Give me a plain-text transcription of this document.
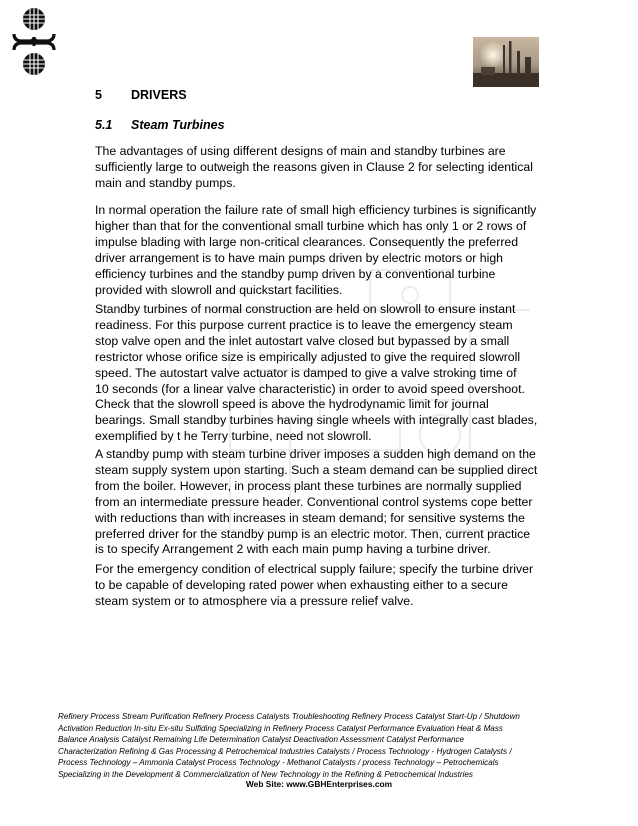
5 DRIVERS
5.1 Steam Turbines
The advantages of using different designs of main and standby turbines are
sufficiently large to outweigh the reasons given in Clause 2 for selecting identical
main and standby pumps.
In normal operation the failure rate of small high efficiency turbines is significantly
higher than that for the conventional small turbine which has only 1 or 2 rows of
impulse blading with large non-critical clearances. Consequently the preferred
driver arrangement is to have main pumps driven by electric motors or high
efficiency turbines and the standby pump driven by a conventional turbine
provided with slowroll and quickstart facilities.
Standby turbines of normal construction are held on slowroll to ensure instant
readiness. For this purpose current practice is to leave the emergency steam
stop valve open and the inlet autostart valve closed but bypassed by a small
restrictor whose orifice size is empirically adjusted to give the required slowroll
speed. The autostart valve actuator is damped to give a valve stroking time of
10 seconds (for a linear valve characteristic) in order to avoid speed overshoot.
Check that the slowroll speed is above the hydrodynamic limit for journal
bearings. Small standby turbines having single wheels with integrally cast blades,
exemplified by t he Terry turbine, need not slowroll.
A standby pump with steam turbine driver imposes a sudden high demand on the
steam supply system upon starting. Such a steam demand can be supplied direct
from the boiler. However, in process plant these turbines are normally supplied
from an intermediate pressure header. Conventional control systems cope better
with reductions than with increases in steam demand; for sensitive systems the
preferred driver for the standby pump is an electric motor. Then, current practice
is to specify Arrangement 2 with each main pump having a turbine driver.
For the emergency condition of electrical supply failure; specify the turbine driver
to be capable of developing rated power when exhausting either to a secure
steam system or to atmosphere via a pressure relief valve.
Refinery Process Stream Purification Refinery Process Catalysts Troubleshooting Refinery Process Catalyst Start-Up / Shutdown
Activation Reduction In-situ Ex-situ Sulfiding Specializing in Refinery Process Catalyst Performance Evaluation Heat & Mass
Balance Analysis Catalyst Remaining Life Determination Catalyst Deactivation Assessment Catalyst Performance
Characterization Refining & Gas Processing & Petrochemical Industries Catalysts / Process Technology - Hydrogen Catalysts /
Process Technology – Ammonia Catalyst Process Technology - Methanol Catalysts / process Technology – Petrochemicals
Specializing in the Development & Commercialization of New Technology in the Refining & Petrochemical Industries
Web Site: www.GBHEnterprises.com
